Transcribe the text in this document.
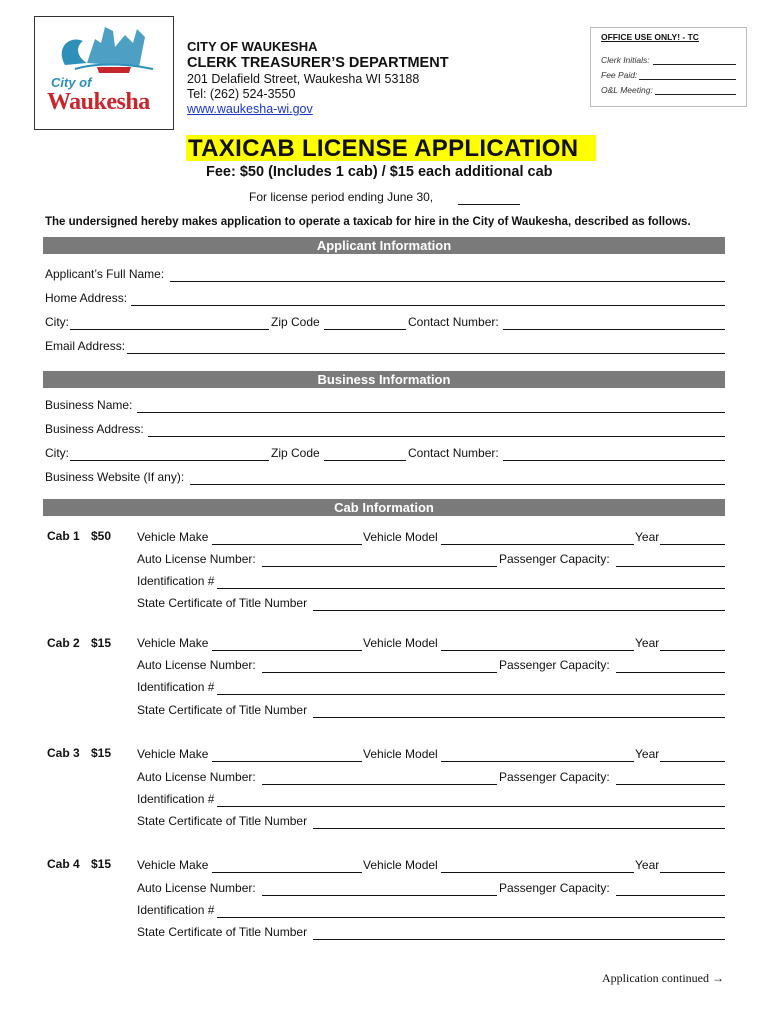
City of
Waukesha
CITY OF WAUKESHA
CLERK TREASURER’S DEPARTMENT
201 Delafield Street, Waukesha WI 53188
Tel: (262) 524-3550
www.waukesha-wi.gov
OFFICE USE ONLY! - TC
Clerk Initials:
Fee Paid:
O&L Meeting:
TAXICAB LICENSE APPLICATION
Fee: $50 (Includes 1 cab) / $15 each additional cab
For license period ending June 30,
The undersigned hereby makes application to operate a taxicab for hire in the City of Waukesha, described as follows.
Applicant Information
Applicant’s Full Name:
Home Address:
City:	Zip Code	Contact Number:
Email Address:
Business Information
Business Name:
Business Address:
City:	Zip Code	Contact Number:
Business Website (If any):
Cab Information
Cab 1 $50 Vehicle Make	Vehicle Model	Year
Auto License Number:	Passenger Capacity:
Identification #
State Certificate of Title Number
Cab 2 $15 Vehicle Make	Vehicle Model	Year
Auto License Number:	Passenger Capacity:
Identification #
State Certificate of Title Number
Cab 3 $15 Vehicle Make	Vehicle Model	Year
Auto License Number:	Passenger Capacity:
Identification #
State Certificate of Title Number
Cab 4 $15 Vehicle Make	Vehicle Model	Year
Auto License Number:	Passenger Capacity:
Identification #
State Certificate of Title Number
Application continued →
